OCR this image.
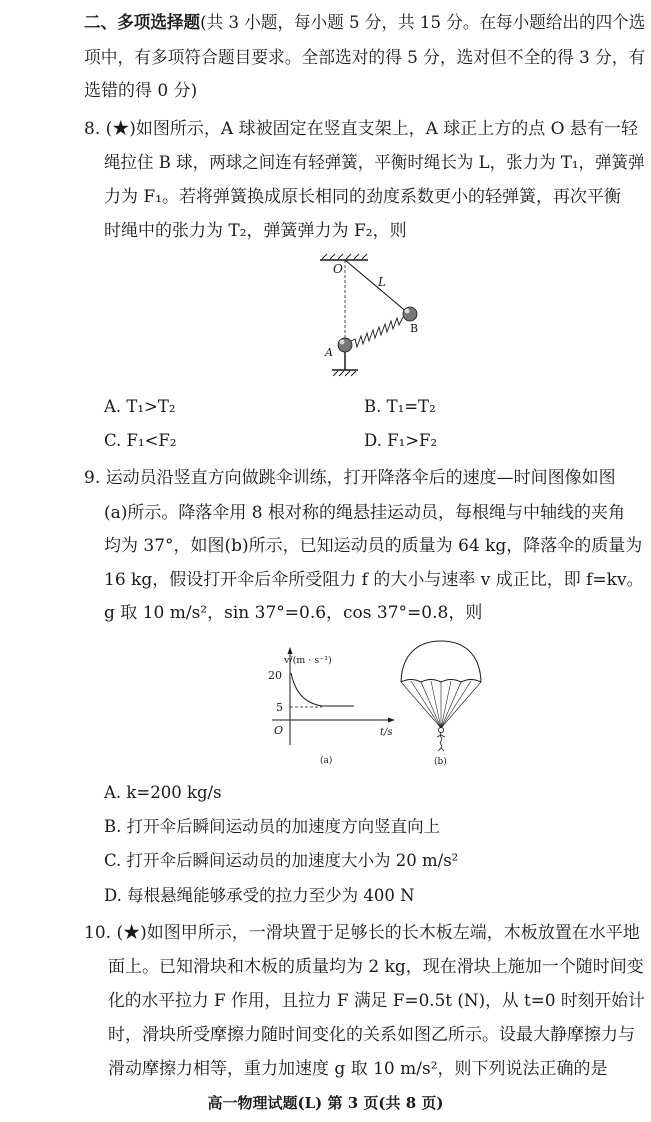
二、多项选择题(共 3 小题，每小题 5 分，共 15 分。在每小题给出的四个选
项中，有多项符合题目要求。全部选对的得 5 分，选对但不全的得 3 分，有
选错的得 0 分)
8. (★)如图所示，A 球被固定在竖直支架上，A 球正上方的点 O 悬有一轻
绳拉住 B 球，两球之间连有轻弹簧，平衡时绳长为 L，张力为 T₁，弹簧弹
力为 F₁。若将弹簧换成原长相同的劲度系数更小的轻弹簧，再次平衡
时绳中的张力为 T₂，弹簧弹力为 F₂，则
O
L
A
B
A. T₁>T₂	B. T₁=T₂
C. F₁<F₂	D. F₁>F₂
9. 运动员沿竖直方向做跳伞训练，打开降落伞后的速度—时间图像如图
(a)所示。降落伞用 8 根对称的绳悬挂运动员，每根绳与中轴线的夹角
均为 37°，如图(b)所示，已知运动员的质量为 64 kg，降落伞的质量为
16 kg，假设打开伞后伞所受阻力 f 的大小与速率 v 成正比，即 f=kv。
g 取 10 m/s²，sin 37°=0.6，cos 37°=0.8，则
v/(m · s⁻¹)
20
5
O	t/s
(a)	(b)
A. k=200 kg/s
B. 打开伞后瞬间运动员的加速度方向竖直向上
C. 打开伞后瞬间运动员的加速度大小为 20 m/s²
D. 每根悬绳能够承受的拉力至少为 400 N
10. (★)如图甲所示，一滑块置于足够长的长木板左端，木板放置在水平地
面上。已知滑块和木板的质量均为 2 kg，现在滑块上施加一个随时间变
化的水平拉力 F 作用，且拉力 F 满足 F=0.5t (N)，从 t=0 时刻开始计
时，滑块所受摩擦力随时间变化的关系如图乙所示。设最大静摩擦力与
滑动摩擦力相等，重力加速度 g 取 10 m/s²，则下列说法正确的是
高一物理试题(L) 第 3 页(共 8 页)
